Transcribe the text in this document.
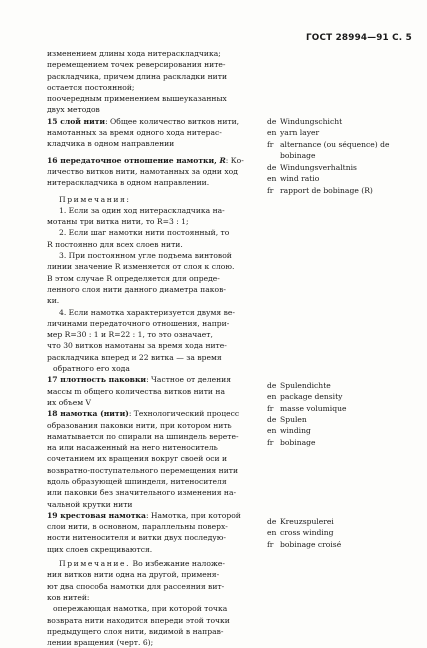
ГОСТ 28994—91 С. 5
изменением длины хода нитераскладчика;
перемещением точек реверсирования ните-
раскладчика, причем длина раскладки нити
остается постоянной;
поочередным применением вышеуказанных
двух методов
15 слой нити: Общее количество витков нити,
намотанных за время одного хода нитерас-
кладчика в одном направлении
16 передаточное отношение намотки, R: Ко-
личество витков нити, намотанных за одни ход
нитераскладчика в одном направлении.
Примечания:
1. Если за один ход нитераскладчика на-
мотаны три витка нити, то R=3 : 1;
2. Если шаг намотки нити постоянный, то
R постоянно для всех слоев нити.
3. При постоянном угле подъема винтовой
линии значение R изменяется от слоя к слою.
В этом случае R определяется для опреде-
ленного слоя нити данного диаметра паков-
ки.
4. Если намотка характеризуется двумя ве-
личинами передаточного отношения, напри-
мер R=30 : 1 и R=22 : 1, то это означает,
что 30 витков намотаны за время хода ните-
раскладчика вперед и 22 витка — за время
обратного его хода
17 плотность паковки: Частное от деления
массы m общего количества витков нити на
их объем V
18 намотка (нити): Технологический процесс
образования паковки нити, при котором нить
наматывается по спирали на шпиндель верете-
на или насаженный на него нитеноситель
сочетанием их вращения вокруг своей оси и
возвратно-поступательного перемещения нити
вдоль образующей шпинделя, нитеносителя
или паковки без значительного изменения на-
чальной крутки нити
19 крестовая намотка: Намотка, при которой
слои нити, в основном, параллельны поверх-
ности нитеносителя и витки двух последую-
щих слоев скрещиваются.
Примечание. Во избежание наложе-
ния витков нити одна на другой, применя-
ют два способа намотки для рассеяния вит-
ков нитей:
опережающая намотка, при которой точка
возврата нити находится впереди этой точки
предыдущего слоя нити, видимой в направ-
лении вращения (черт. 6);
de Windungschicht
en yarn layer
fr alternance (ou séquence) de
bobinage
de Windungsverhaltnis
en wind ratio
fr rapport de bobinage (R)
de Spulendichte
en package density
fr masse volumique
de Spulen
en winding
fr bobinage
de Kreuzspulerei
en cross winding
fr bobinage croisé
